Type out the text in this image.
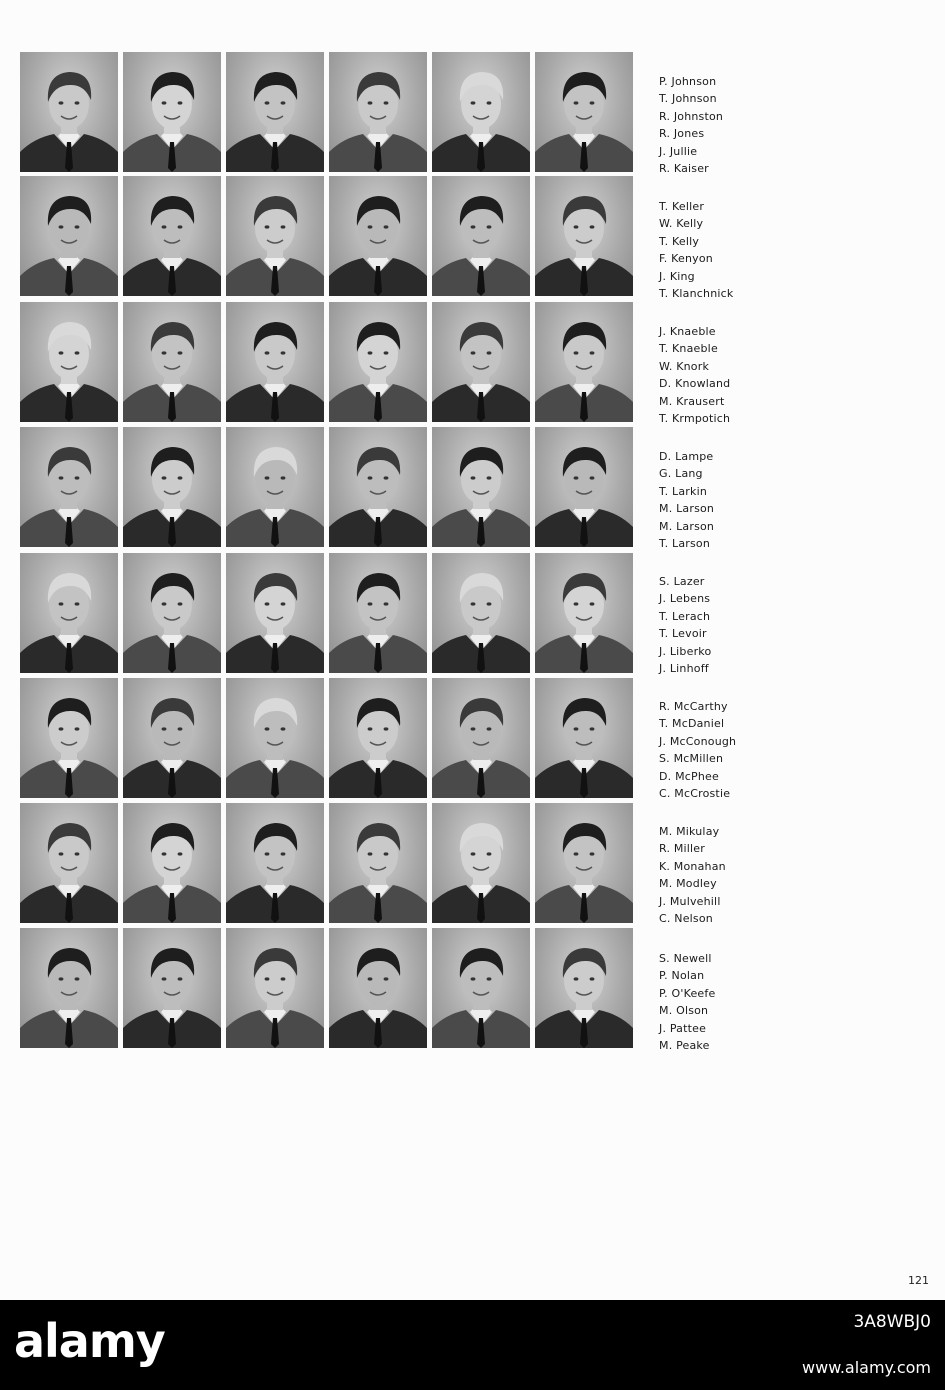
P. Johnson
T. Johnson
R. Johnston
R. Jones
J. Jullie
R. Kaiser
T. Keller
W. Kelly
T. Kelly
F. Kenyon
J. King
T. Klanchnick
J. Knaeble
T. Knaeble
W. Knork
D. Knowland
M. Krausert
T. Krmpotich
D. Lampe
G. Lang
T. Larkin
M. Larson
M. Larson
T. Larson
S. Lazer
J. Lebens
T. Lerach
T. Levoir
J. Liberko
J. Linhoff
R. McCarthy
T. McDaniel
J. McConough
S. McMillen
D. McPhee
C. McCrostie
M. Mikulay
R. Miller
K. Monahan
M. Modley
J. Mulvehill
C. Nelson
S. Newell
P. Nolan
P. O'Keefe
M. Olson
J. Pattee
M. Peake
121
alamy	3A8WBJ0
www.alamy.com
